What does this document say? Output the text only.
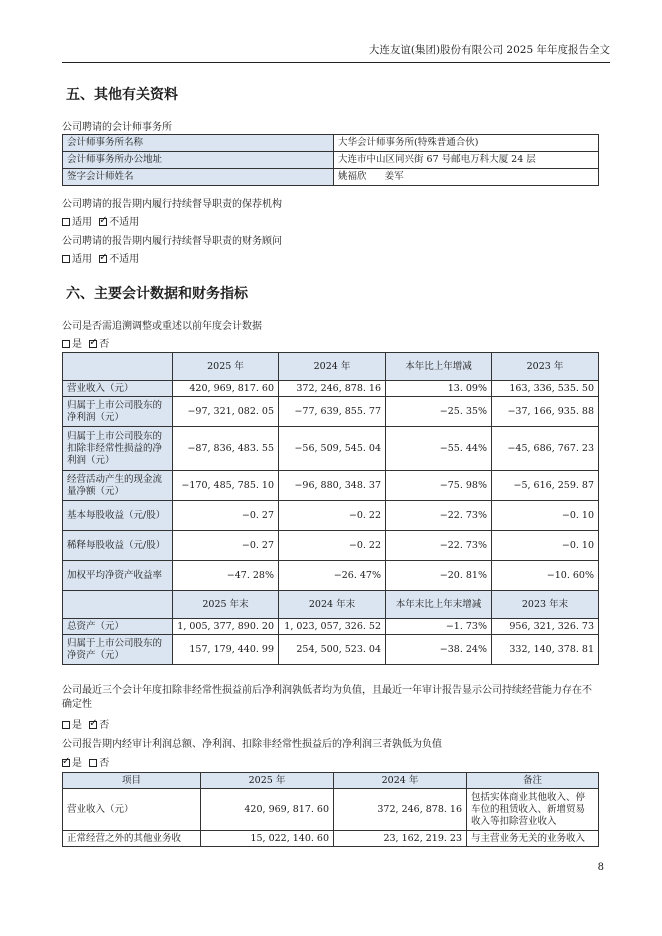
大连友谊(集团)股份有限公司 2025 年年度报告全文
五、其他有关资料
公司聘请的会计师事务所
会计师事务所名称	大华会计师事务所(特殊普通合伙)
会计师事务所办公地址	大连市中山区同兴街 67 号邮电万科大厦 24 层
签字会计师姓名	姚福欣      姜军
公司聘请的报告期内履行持续督导职责的保荐机构
适用 ✓ 不适用
公司聘请的报告期内履行持续督导职责的财务顾问
适用 ✓ 不适用
六、主要会计数据和财务指标
公司是否需追溯调整或重述以前年度会计数据
是 ✓ 否
	2025 年	2024 年	本年比上年增减	2023 年
营业收入（元）	420, 969, 817. 60	372, 246, 878. 16	13. 09%	163, 336, 535. 50
归属于上市公司股东的净利润（元）	−97, 321, 082. 05	−77, 639, 855. 77	−25. 35%	−37, 166, 935. 88
归属于上市公司股东的扣除非经常性损益的净利润（元）	−87, 836, 483. 55	−56, 509, 545. 04	−55. 44%	−45, 686, 767. 23
经营活动产生的现金流量净额（元）	−170, 485, 785. 10	−96, 880, 348. 37	−75. 98%	−5, 616, 259. 87
基本每股收益（元/股）	−0. 27	−0. 22	−22. 73%	−0. 10
稀释每股收益（元/股）	−0. 27	−0. 22	−22. 73%	−0. 10
加权平均净资产收益率	−47. 28%	−26. 47%	−20. 81%	−10. 60%
	2025 年末	2024 年末	本年末比上年末增减	2023 年末
总资产（元）	1, 005, 377, 890. 20	1, 023, 057, 326. 52	−1. 73%	956, 321, 326. 73
归属于上市公司股东的净资产（元）	157, 179, 440. 99	254, 500, 523. 04	−38. 24%	332, 140, 378. 81
公司最近三个会计年度扣除非经常性损益前后净利润孰低者均为负值，且最近一年审计报告显示公司持续经营能力存在不确定性
是 ✓ 否
公司报告期内经审计利润总额、净利润、扣除非经常性损益后的净利润三者孰低为负值
✓是 否
项目	2025 年	2024 年	备注
营业收入（元）	420, 969, 817. 60	372, 246, 878. 16	包括实体商业其他收入、停车位的租赁收入、新增贸易收入等扣除营业收入
正常经营之外的其他业务收	15, 022, 140. 60	23, 162, 219. 23	与主营业务无关的业务收入
8
